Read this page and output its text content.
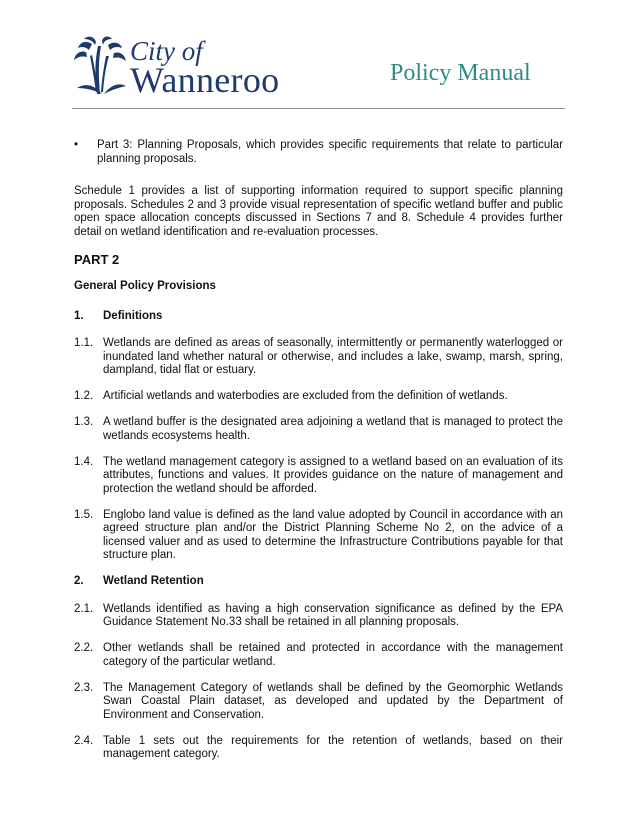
City of
Wanneroo	Policy Manual

• Part 3: Planning Proposals, which provides specific requirements that relate to particular planning proposals.

Schedule 1 provides a list of supporting information required to support specific planning proposals. Schedules 2 and 3 provide visual representation of specific wetland buffer and public open space allocation concepts discussed in Sections 7 and 8. Schedule 4 provides further detail on wetland identification and re-evaluation processes.

PART 2
General Policy Provisions
1. Definitions
1.1. Wetlands are defined as areas of seasonally, intermittently or permanently waterlogged or inundated land whether natural or otherwise, and includes a lake, swamp, marsh, spring, dampland, tidal flat or estuary.

1.2. Artificial wetlands and waterbodies are excluded from the definition of wetlands.

1.3. A wetland buffer is the designated area adjoining a wetland that is managed to protect the wetlands ecosystems health.

1.4. The wetland management category is assigned to a wetland based on an evaluation of its attributes, functions and values. It provides guidance on the nature of management and protection the wetland should be afforded.

1.5. Englobo land value is defined as the land value adopted by Council in accordance with an agreed structure plan and/or the District Planning Scheme No 2, on the advice of a licensed valuer and as used to determine the Infrastructure Contributions payable for that structure plan.

2. Wetland Retention
2.1. Wetlands identified as having a high conservation significance as defined by the EPA Guidance Statement No.33 shall be retained in all planning proposals.

2.2. Other wetlands shall be retained and protected in accordance with the management category of the particular wetland.

2.3. The Management Category of wetlands shall be defined by the Geomorphic Wetlands Swan Coastal Plain dataset, as developed and updated by the Department of Environment and Conservation.

2.4. Table 1 sets out the requirements for the retention of wetlands, based on their management category.
